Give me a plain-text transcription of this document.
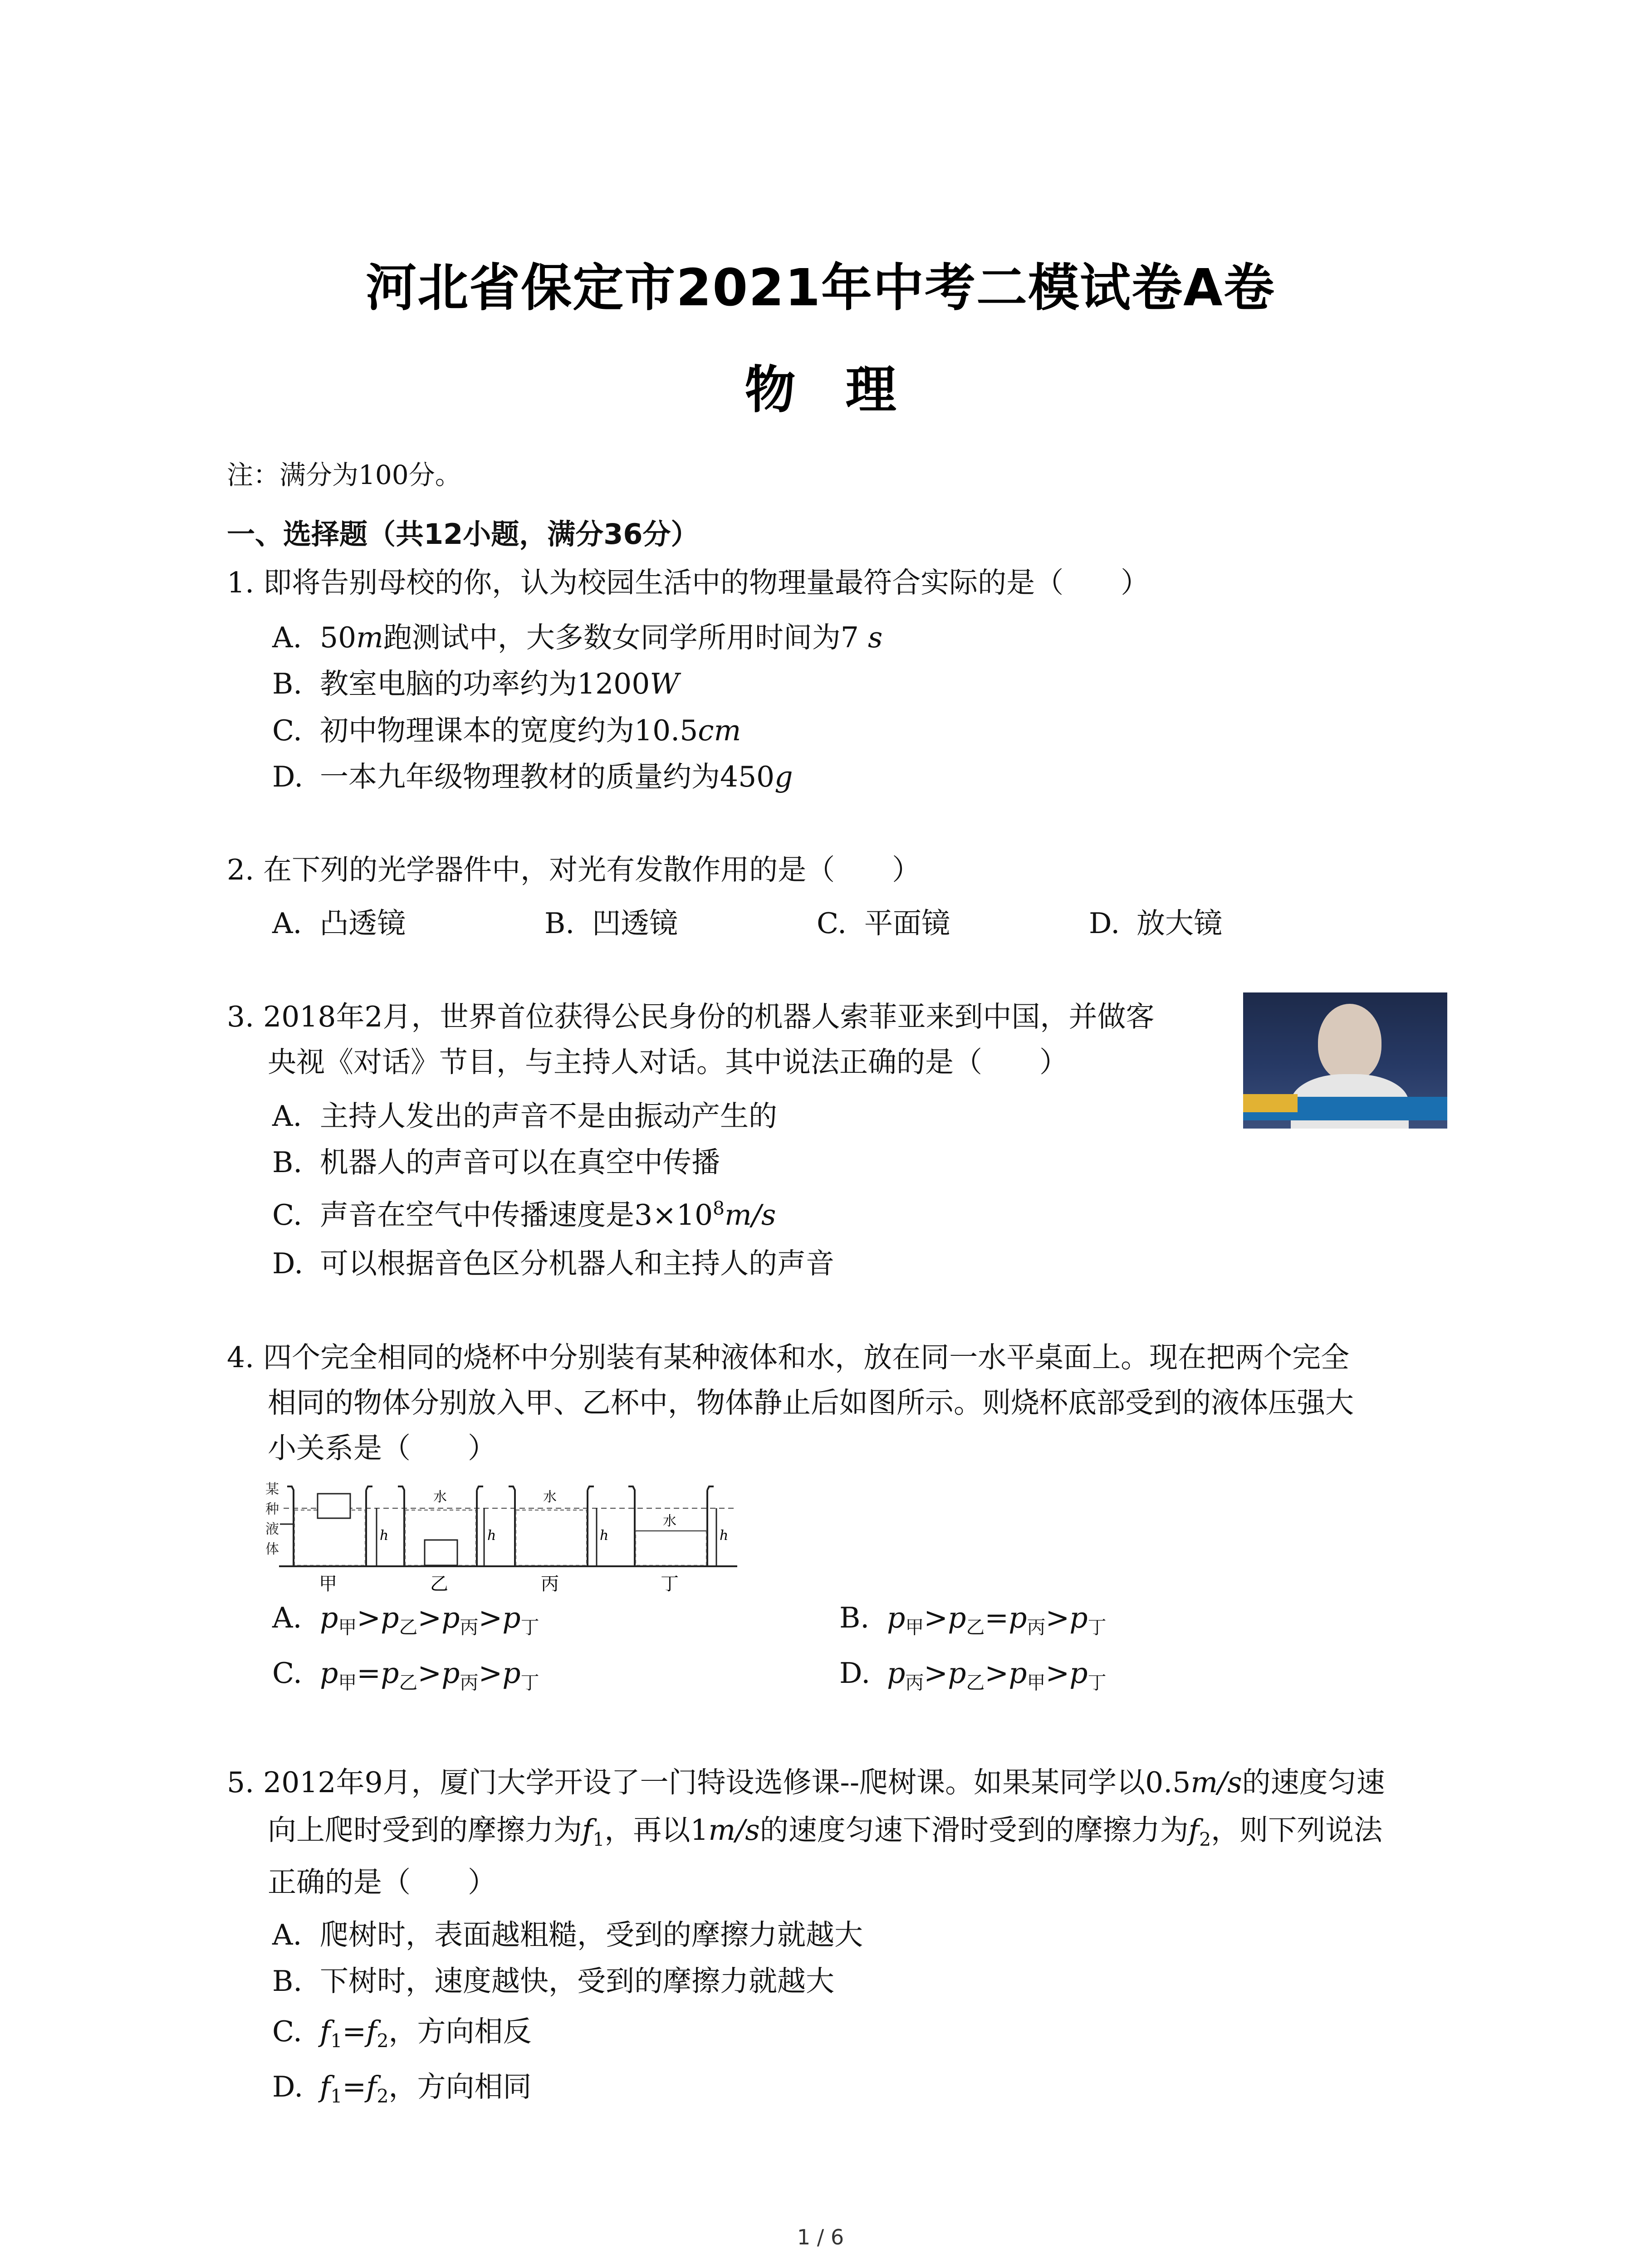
河北省保定市2021年中考二模试卷A卷
物理
注：满分为100分。
一、选择题（共12小题，满分36分）
1. 即将告别母校的你，认为校园生活中的物理量最符合实际的是（　　）
A. 50m跑测试中，大多数女同学所用时间为7 s
B. 教室电脑的功率约为1200W
C. 初中物理课本的宽度约为10.5cm
D. 一本九年级物理教材的质量约为450g
2. 在下列的光学器件中，对光有发散作用的是（　　）
A. 凸透镜	B. 凹透镜	C. 平面镜	D. 放大镜
3. 2018年2月，世界首位获得公民身份的机器人索菲亚来到中国，并做客
央视《对话》节目，与主持人对话。其中说法正确的是（　　）
A. 主持人发出的声音不是由振动产生的
B. 机器人的声音可以在真空中传播
C. 声音在空气中传播速度是$3\times 10^8m/s$
D. 可以根据音色区分机器人和主持人的声音
4. 四个完全相同的烧杯中分别装有某种液体和水，放在同一水平桌面上。现在把两个完全
相同的物体分别放入甲、乙杯中，物体静止后如图所示。则烧杯底部受到的液体压强大
小关系是（　　）
某
种
液
体
h
甲
水
h
乙
水
h
丙
水
h
丁
A. $p_甲>p_乙>p_丙>p_丁$	B. $p_甲>p_乙=p_丙>p_丁$
C. $p_甲=p_乙>p_丙>p_丁$	D. $p_丙>p_乙>p_甲>p_丁$
5. 2012年9月，厦门大学开设了一门特设选修课--爬树课。如果某同学以0.5m/s的速度匀速
向上爬时受到的摩擦力为$f_1$，再以1m/s的速度匀速下滑时受到的摩擦力为$f_2$，则下列说法
正确的是（　　）
A. 爬树时，表面越粗糙，受到的摩擦力就越大
B. 下树时，速度越快，受到的摩擦力就越大
C. $f_1=f_2$，方向相反
D. $f_1=f_2$，方向相同
1 / 6
